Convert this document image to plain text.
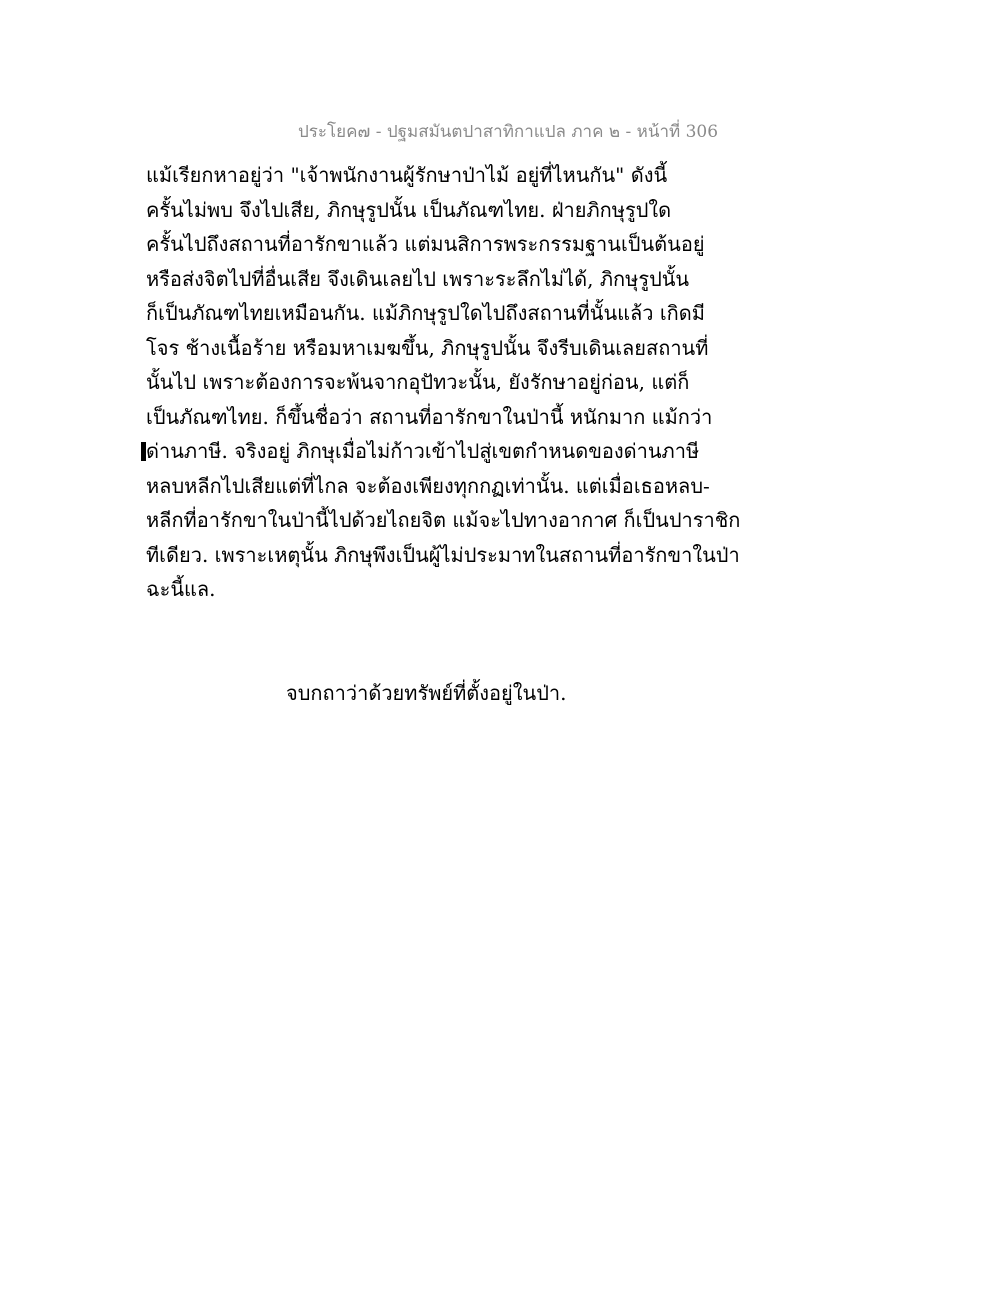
ประโยค๗ - ปฐมสมันตปาสาทิกาแปล ภาค ๒ - หน้าที่ 306
แม้เรียกหาอยู่ว่า "เจ้าพนักงานผู้รักษาป่าไม้ อยู่ที่ไหนกัน" ดังนี้
ครั้นไม่พบ จึงไปเสีย, ภิกษุรูปนั้น เป็นภัณฑไทย. ฝ่ายภิกษุรูปใด
ครั้นไปถึงสถานที่อารักขาแล้ว แต่มนสิการพระกรรมฐานเป็นต้นอยู่
หรือส่งจิตไปที่อื่นเสีย จึงเดินเลยไป เพราะระลึกไม่ได้, ภิกษุรูปนั้น
ก็เป็นภัณฑไทยเหมือนกัน. แม้ภิกษุรูปใดไปถึงสถานที่นั้นแล้ว เกิดมี
โจร ช้างเนื้อร้าย หรือมหาเมฆขึ้น, ภิกษุรูปนั้น จึงรีบเดินเลยสถานที่
นั้นไป เพราะต้องการจะพ้นจากอุปัทวะนั้น, ยังรักษาอยู่ก่อน, แต่ก็
เป็นภัณฑไทย. ก็ขึ้นชื่อว่า สถานที่อารักขาในป่านี้ หนักมาก แม้กว่า
ด่านภาษี. จริงอยู่ ภิกษุเมื่อไม่ก้าวเข้าไปสู่เขตกำหนดของด่านภาษี
หลบหลีกไปเสียแต่ที่ไกล จะต้องเพียงทุกกฏเท่านั้น. แต่เมื่อเธอหลบ-
หลีกที่อารักขาในป่านี้ไปด้วยไถยจิต แม้จะไปทางอากาศ ก็เป็นปาราชิก
ทีเดียว. เพราะเหตุนั้น ภิกษุพึงเป็นผู้ไม่ประมาทในสถานที่อารักขาในป่า
ฉะนี้แล.
จบกถาว่าด้วยทรัพย์ที่ตั้งอยู่ในป่า.
